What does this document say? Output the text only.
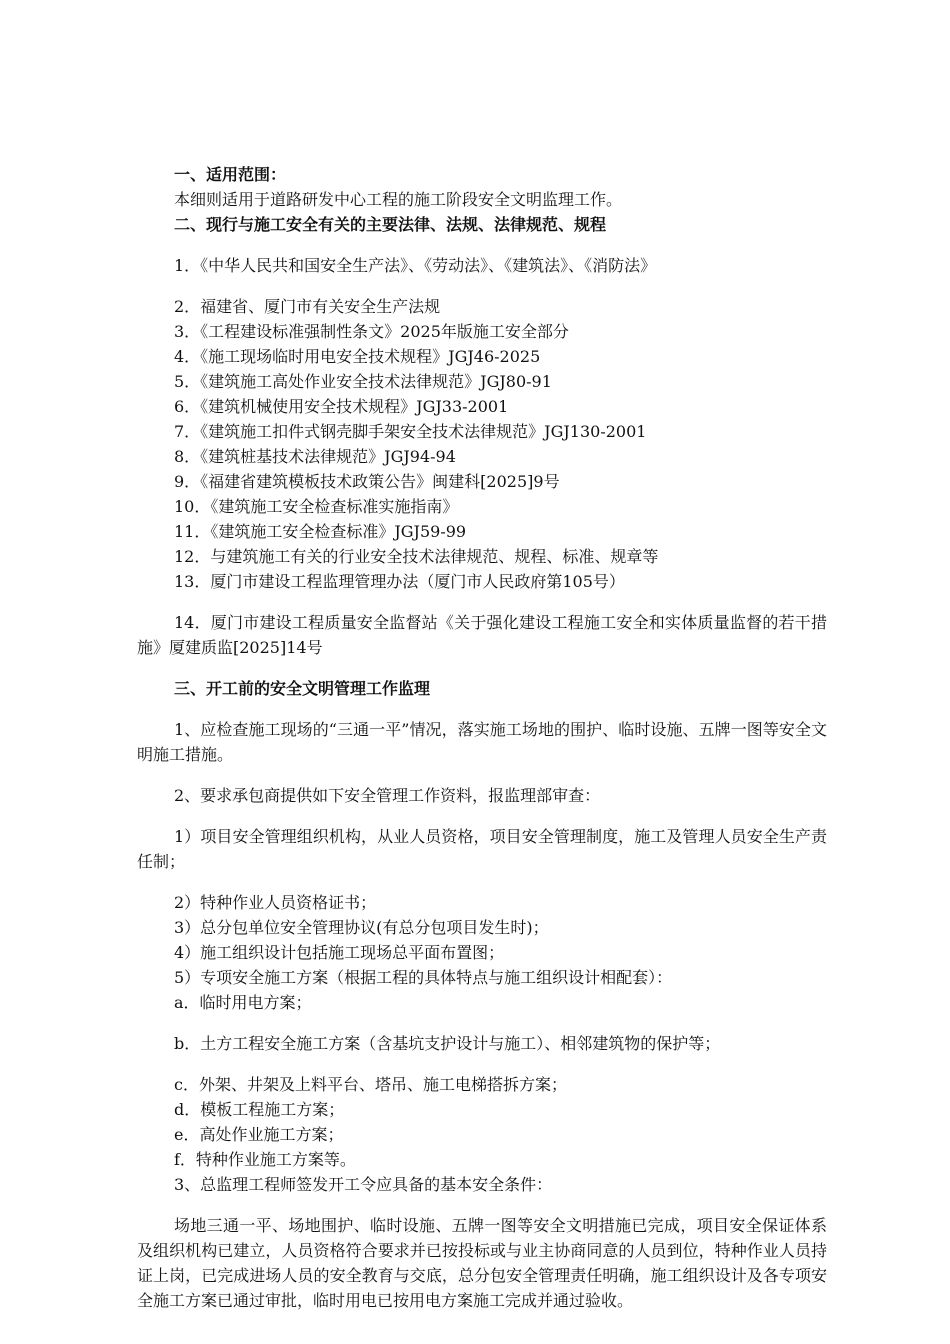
一、适用范围：

本细则适用于道路研发中心工程的施工阶段安全文明监理工作。

二、现行与施工安全有关的主要法律、法规、法律规范、规程

1．《中华人民共和国安全生产法》、《劳动法》、《建筑法》、《消防法》

2．福建省、厦门市有关安全生产法规

3．《工程建设标准强制性条文》2025年版施工安全部分

4．《施工现场临时用电安全技术规程》JGJ46-2025

5．《建筑施工高处作业安全技术法律规范》JGJ80-91

6．《建筑机械使用安全技术规程》JGJ33-2001

7．《建筑施工扣件式钢壳脚手架安全技术法律规范》JGJ130-2001

8．《建筑桩基技术法律规范》JGJ94-94

9．《福建省建筑模板技术政策公告》闽建科[2025]9号

10．《建筑施工安全检查标准实施指南》

11．《建筑施工安全检查标准》JGJ59-99

12．与建筑施工有关的行业安全技术法律规范、规程、标准、规章等

13．厦门市建设工程监理管理办法（厦门市人民政府第105号）

14．厦门市建设工程质量安全监督站《关于强化建设工程施工安全和实体质量监督的若干措施》厦建质监[2025]14号

三、开工前的安全文明管理工作监理

1、应检查施工现场的“三通一平”情况，落实施工场地的围护、临时设施、五牌一图等安全文明施工措施。

2、要求承包商提供如下安全管理工作资料，报监理部审查：

1）项目安全管理组织机构，从业人员资格，项目安全管理制度，施工及管理人员安全生产责任制；

2）特种作业人员资格证书；

3）总分包单位安全管理协议(有总分包项目发生时)；

4）施工组织设计包括施工现场总平面布置图；

5）专项安全施工方案（根据工程的具体特点与施工组织设计相配套）：

a．临时用电方案；

b．土方工程安全施工方案（含基坑支护设计与施工）、相邻建筑物的保护等；

c．外架、井架及上料平台、塔吊、施工电梯搭拆方案；

d．模板工程施工方案；

e．高处作业施工方案；

f．特种作业施工方案等。

3、总监理工程师签发开工令应具备的基本安全条件：

场地三通一平、场地围护、临时设施、五牌一图等安全文明措施已完成，项目安全保证体系及组织机构已建立，人员资格符合要求并已按投标或与业主协商同意的人员到位，特种作业人员持证上岗，已完成进场人员的安全教育与交底，总分包安全管理责任明确，施工组织设计及各专项安全施工方案已通过审批，临时用电已按用电方案施工完成并通过验收。
